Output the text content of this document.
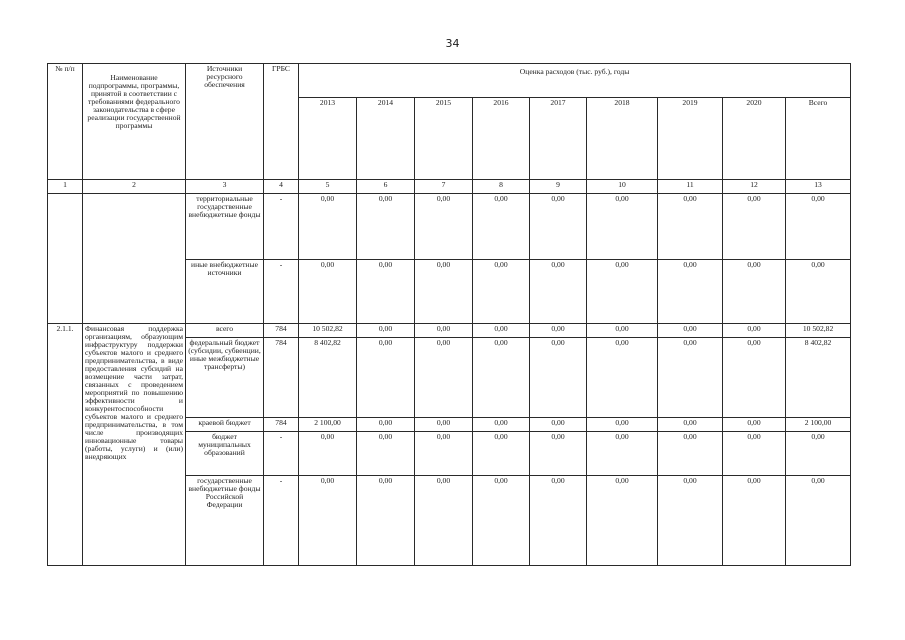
34
№ п/п	Наименование подпрограммы, программы, принятой в соответствии с требованиями федерального законодательства в сфере реализации государственной программы	Источники ресурсного обеспечения	ГРБС	Оценка расходов (тыс. руб.), годы								
				2013	2014	2015	2016	2017	2018	2019	2020	Всего
1	2	3	4	5	6	7	8	9	10	11	12	13
		территориальные государственные внебюджетные фонды	-	0,00	0,00	0,00	0,00	0,00	0,00	0,00	0,00	0,00
		иные внебюджетные источники	-	0,00	0,00	0,00	0,00	0,00	0,00	0,00	0,00	0,00
2.1.1.	Финансовая поддержка организациям, образующим инфраструктуру поддержки субъектов малого и среднего предпринимательства, в виде предоставления субсидий на возмещение части затрат, связанных с проведением мероприятий по повышению эффективности и конкурентоспособности субъектов малого и среднего предпринимательства, в том числе производящих инновационные товары (работы, услуги) и (или) внедряющих	всего	784	10 502,82	0,00	0,00	0,00	0,00	0,00	0,00	0,00	10 502,82
		федеральный бюджет (субсидии, субвенции, иные межбюджетные трансферты)	784	8 402,82	0,00	0,00	0,00	0,00	0,00	0,00	0,00	8 402,82
		краевой бюджет	784	2 100,00	0,00	0,00	0,00	0,00	0,00	0,00	0,00	2 100,00
		бюджет муниципальных образований	-	0,00	0,00	0,00	0,00	0,00	0,00	0,00	0,00	0,00
		государственные внебюджетные фонды Российской Федерации	-	0,00	0,00	0,00	0,00	0,00	0,00	0,00	0,00	0,00
